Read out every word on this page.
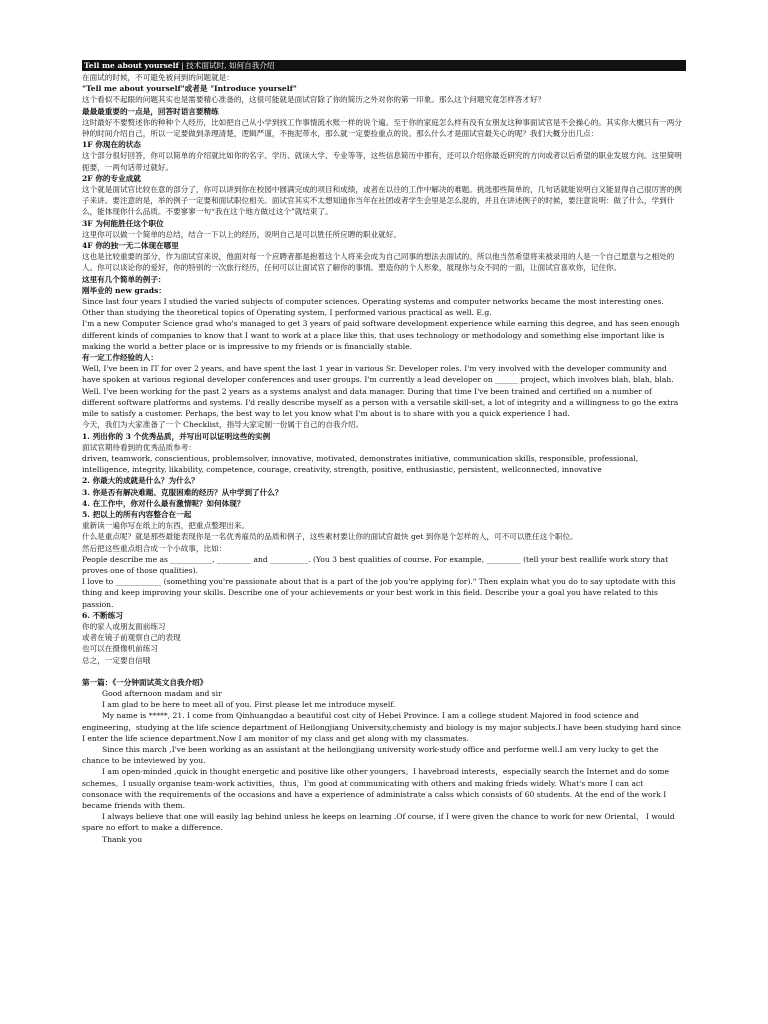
Tell me about yourself | 技术面试时, 如何自我介绍

在面试的时候，不可避免被问到的问题就是：

"Tell me about yourself"或者是 "Introduce yourself"

这个看似不起眼的问题其实也是需要精心准备的，这很可能就是面试官除了你的简历之外对你的第一印象。那么这个问题究竟怎样答才好？

最最最重要的一点是，回答时语言要精练

这时最好不要赘述你的种种个人经历，比如把自己从小学到找工作事情流水账一样的说个遍。至于你的家庭怎么样有没有女朋友这种事面试官是不会操心的。其实你大概只有一两分钟的时间介绍自己，所以一定要做到条理清楚，逻辑严谨，不拖泥带水，那么就一定要捡重点的说。那么什么才是面试官最关心的呢？我们大概分出几点：

1F 你现在的状态

这个部分很好回答，你可以简单的介绍就比如你的名字、学历、就读大学、专业等等，这些信息简历中都有，还可以介绍你最近研究的方向或者以后希望的职业发展方向。这里简明扼要，一两句话带过就好。

2F 你的专业成就

这个就是面试官比较在意的部分了，你可以讲到你在校园中圆满完成的项目和成绩，或者在以往的工作中解决的难题。挑选那些简单的，几句话就能说明白又能显得自己很厉害的例子来讲。要注意的是，举的例子一定要和面试职位相关。面试官其实不太想知道你当年在社团或者学生会里是怎么混的，并且在讲述例子的时候，要注意说明：做了什么，学到什么，能体现你什么品质。不要寥寥一句“我在这个地方做过这个”就结束了。

3F 为何能胜任这个职位

这里你可以做一个简单的总结，结合一下以上的经历，说明自己是可以胜任所应聘的职业就好。

4F 你的独一无二体现在哪里

这也是比较重要的部分，作为面试官来说，他面对每一个应聘者都是抱着这个人将来会成为自己同事的想法去面试的。所以他当然希望将来被录用的人是一个自己愿意与之相处的人。你可以谈论你的爱好，你的特别的一次旅行经历，任何可以让面试官了解你的事情。塑造你的个人形象，展现你与众不同的一面，让面试官喜欢你，记住你。

这里有几个简单的例子：

刚毕业的 new grads：

Since last four years I studied the varied subjects of computer sciences. Operating systems and computer networks became the most interesting ones. Other than studying the theoretical topics of Operating system, I performed various practical as well. E.g.

I'm a new Computer Science grad who's managed to get 3 years of paid software development experience while earning this degree, and has seen enough different kinds of companies to know that I want to work at a place like this, that uses technology or methodology and something else important like is making the world a better place or is impressive to my friends or is financially stable.

有一定工作经验的人：

Well, I've been in IT for over 2 years, and have spent the last 1 year in various Sr. Developer roles. I'm very involved with the developer community and have spoken at various regional developer conferences and user groups. I'm currently a lead developer on ______ project, which involves blah, blah, blah.

Well. I've been working for the past 2 years as a systems analyst and data manager. During that time I've been trained and certified on a number of different software platforms and systems. I'd really describe myself as a person with a versatile skill-set, a lot of integrity and a willingness to go the extra mile to satisfy a customer. Perhaps, the best way to let you know what I'm about is to share with you a quick experience I had.

今天，我们为大家准备了一个 Checklist，指导大家定制一份属于自己的自我介绍。

1. 列出你的 3 个优秀品质，并写出可以证明这些的实例

面试官期待看到的优秀品质参考：

driven, teamwork, conscientious, problemsolver, innovative, motivated, demonstrates initiative, communication skills, responsible, professional, intelligence, integrity, likability, competence, courage, creativity, strength, positive, enthusiastic, persistent, wellconnected, innovative

2. 你最大的成就是什么？为什么？

3. 你是否有解决难题、克服困难的经历？从中学到了什么？

4. 在工作中，你对什么最有激情呢？如何体现？

5. 把以上的所有内容整合在一起

重新读一遍你写在纸上的东西，把重点整理出来。

什么是重点呢？就是那些最能表现你是一名优秀雇员的品质和例子，这些素材要让你的面试官最快 get 到你是个怎样的人，可不可以胜任这个职位。

然后把这些重点组合成一个小故事，比如：

People describe me as ___________, _________ and __________. (You 3 best qualities of course. For example, _________ (tell your best reallife work story that proves one of those qualities).

I love to ____________ (something you're passionate about that is a part of the job you're applying for)." Then explain what you do to say uptodate with this thing and keep improving your skills. Describe one of your achievements or your best work in this field. Describe your a goal you have related to this passion.

6. 不断练习

你的家人或朋友面前练习

或者在镜子前观察自己的表现

也可以在摄像机前练习

总之，一定要自信哦

第一篇：《一分钟面试英文自我介绍》

Good afternoon madam and sir

I am glad to be here to meet all of you. First please let me introduce myself.

My name is *****, 21. I come from Qinhuangdao a beautiful cost city of Hebei Province. I am a college student Majored in food science and engineering，studying at the life science department of Heilongjiang University,chemisty and biology is my major subjects.I have been studying hard since I enter the life science department.Now I am monitor of my class and get along with my classmates.

Since this march ,I've been working as an assistant at the heilongjiang university work-study office and performe well.I am very lucky to get the chance to be inteviewed by you.

I am open-minded ,quick in thought energetic and positive like other youngers。I havebroad interests，especially search the Internet and do some schemes。I usually organise team-work activities，thus，I'm good at communicating with others and making frieds widely. What's more I can act consonace with the requirements of the occasions and have a experience of administrate a calss which consists of 60 students. At the end of the work I became friends with them.

I always believe that one will easily lag behind unless he keeps on learning .Of course, if I were given the chance to work for new Oriental， I would spare no effort to make a difference.

Thank you
